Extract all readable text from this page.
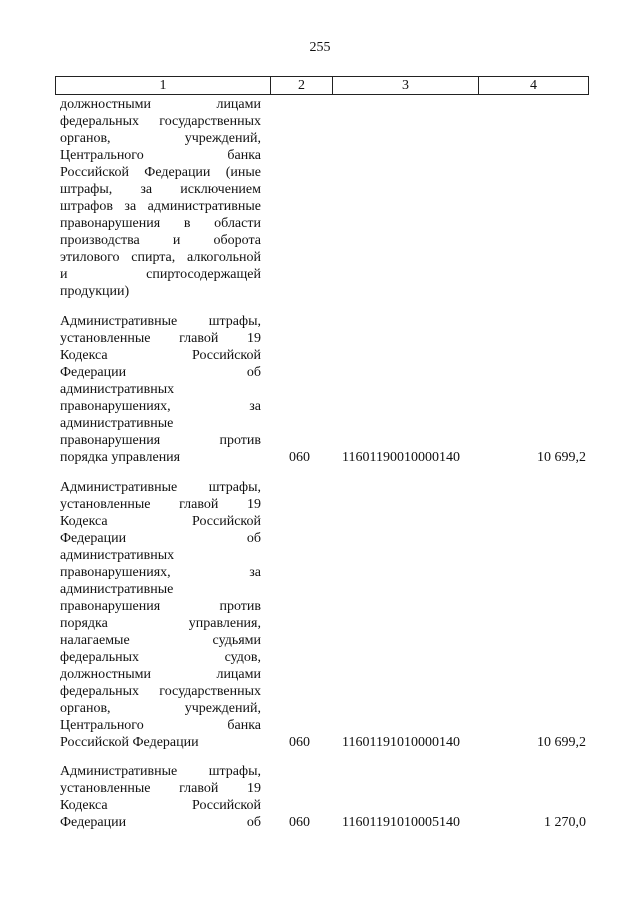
255
1	2	3	4
должностными	лицами
федеральных государственных
органов,	учреждений,
Центрального	банка
Российской Федерации (иные
штрафы, за исключением
штрафов за административные
правонарушения в области
производства и оборота
этилового спирта, алкогольной
и	спиртосодержащей
продукции)
Административные штрафы,
установленные главой 19
Кодекса	Российской
Федерации	об
административных
правонарушениях,	за
административные
правонарушения	против
порядка управления	060 11601190010000140	10 699,2
Административные штрафы,
установленные главой 19
Кодекса	Российской
Федерации	об
административных
правонарушениях,	за
административные
правонарушения	против
порядка	управления,
налагаемые	судьями
федеральных	судов,
должностными	лицами
федеральных государственных
органов,	учреждений,
Центрального	банка
Российской Федерации	060 11601191010000140	10 699,2
Административные штрафы,
установленные главой 19
Кодекса	Российской
Федерации	об 060 11601191010005140	1 270,0
